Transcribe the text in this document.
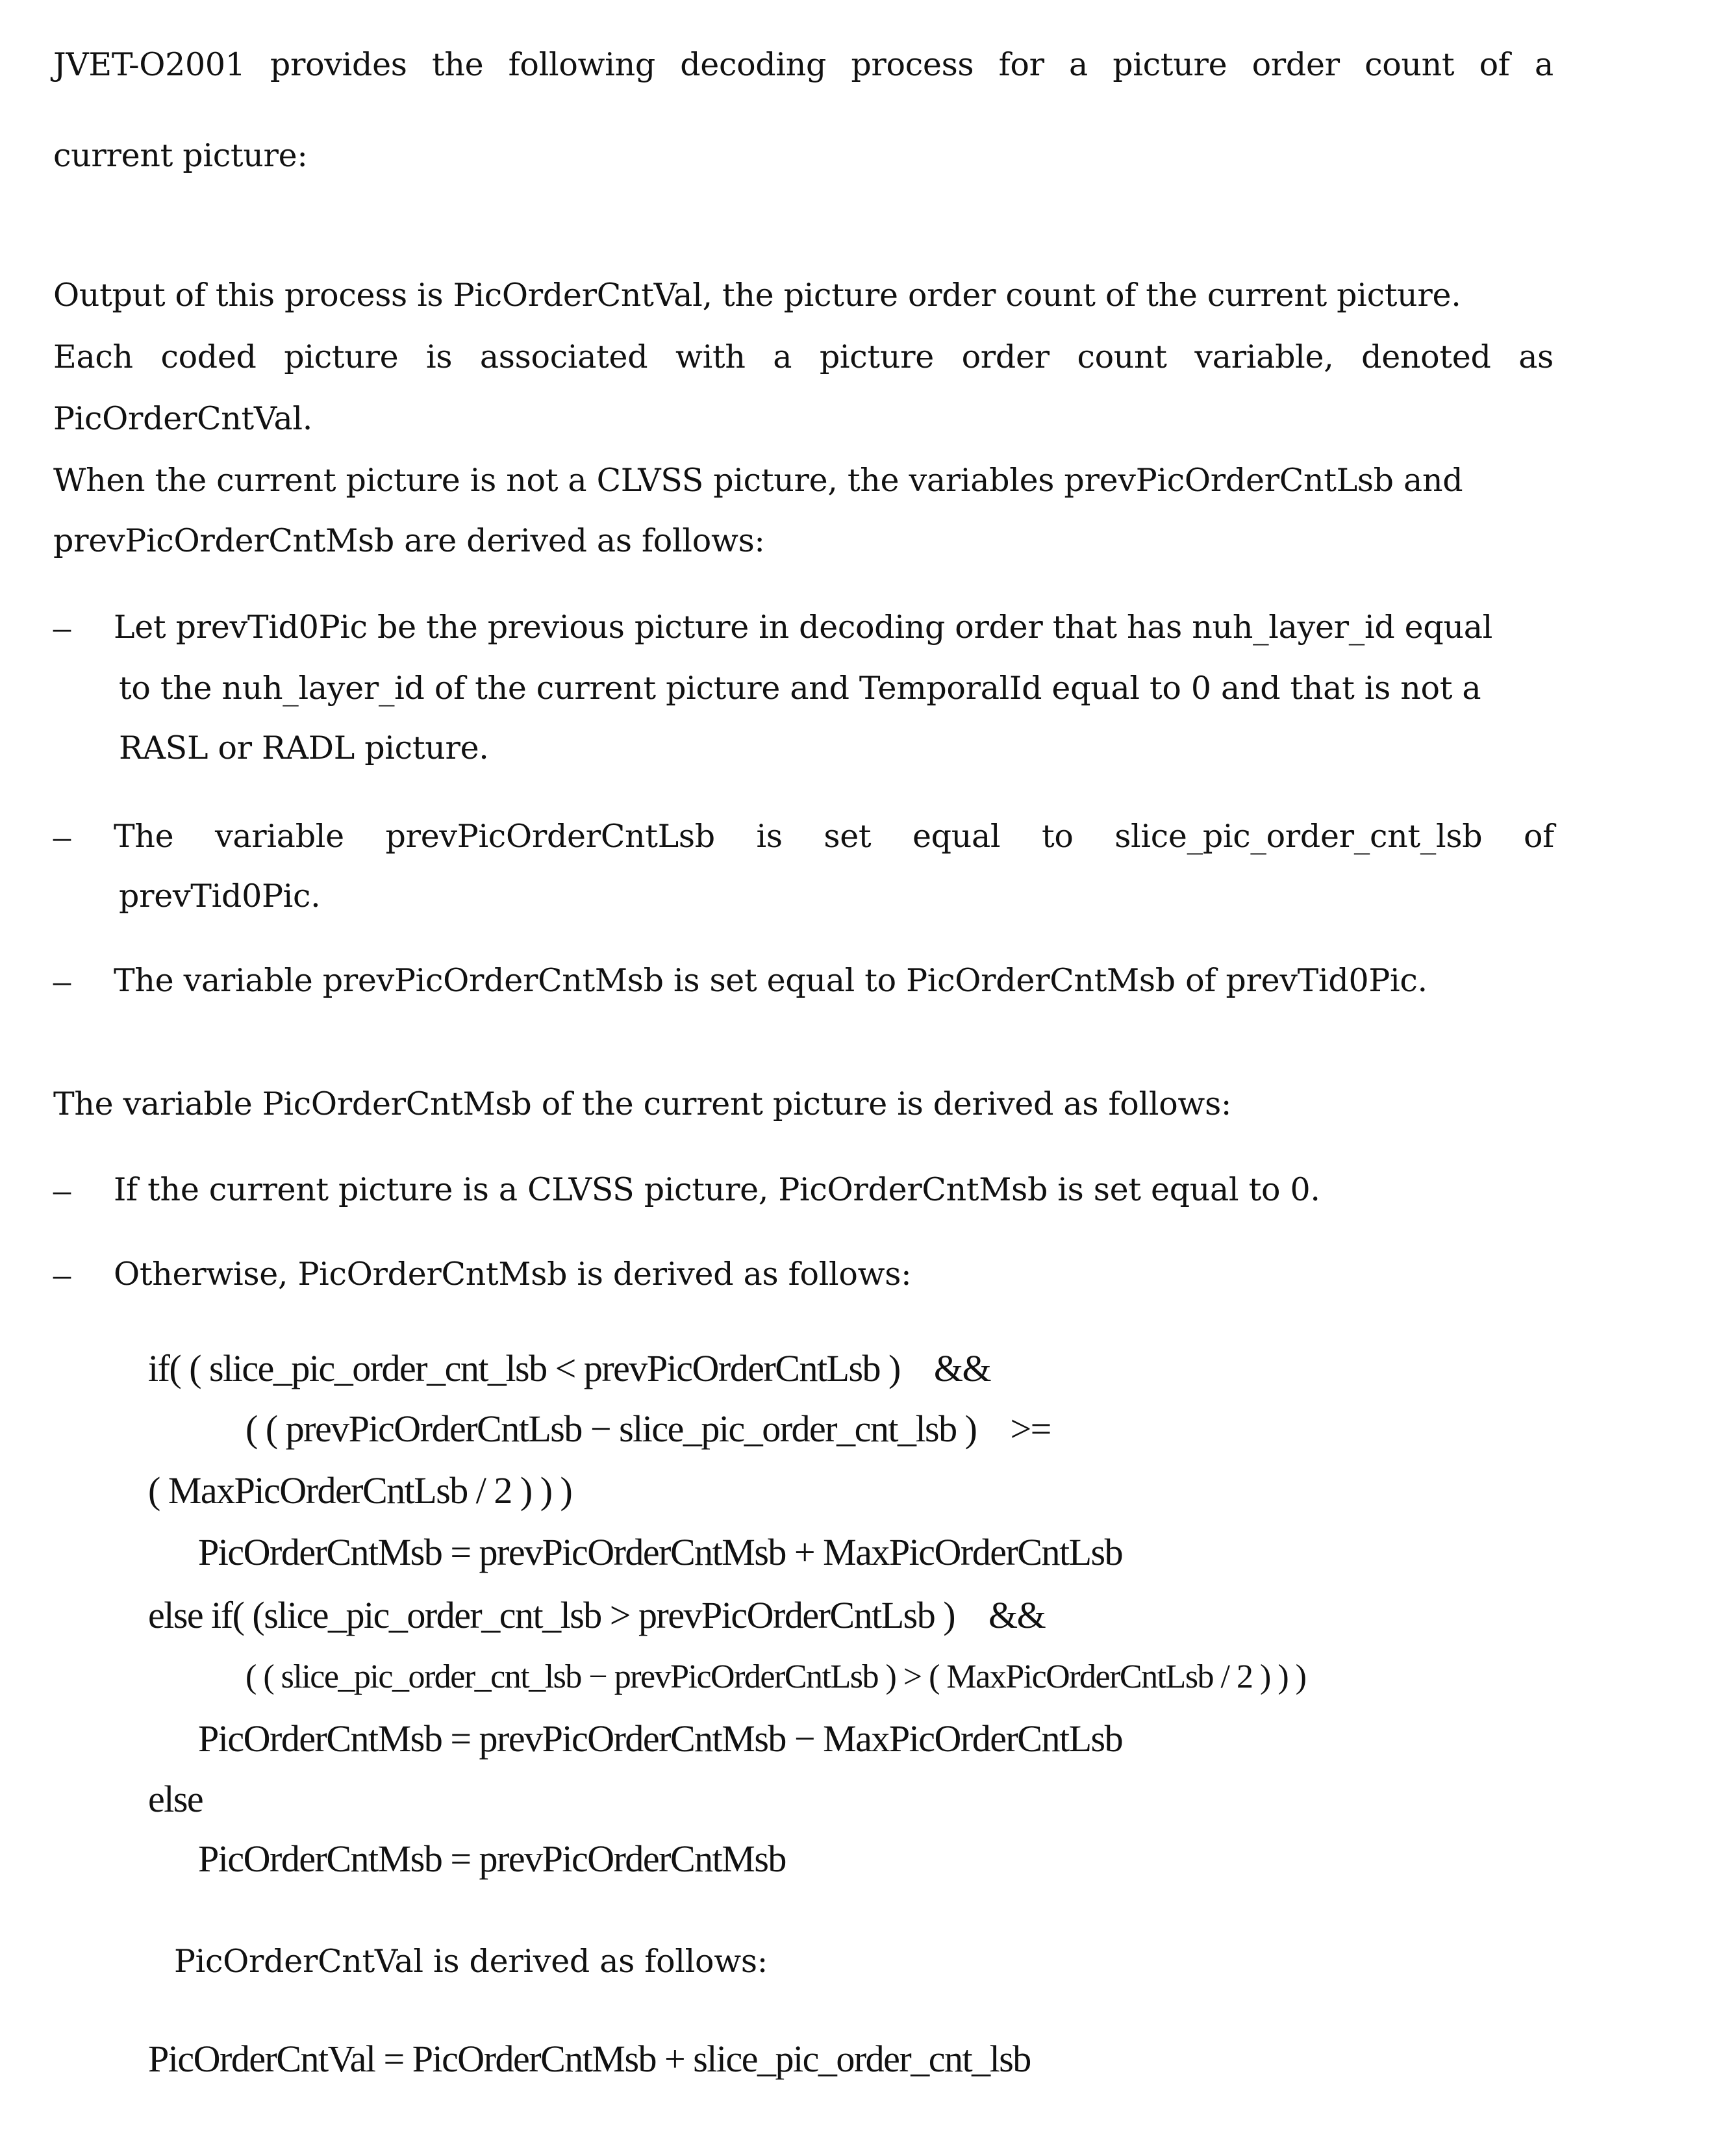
JVET-O2001 provides the following decoding process for a picture order count of a
current picture:
Output of this process is PicOrderCntVal, the picture order count of the current picture.
Each coded picture is associated with a picture order count variable, denoted as
PicOrderCntVal.
When the current picture is not a CLVSS picture, the variables prevPicOrderCntLsb and
prevPicOrderCntMsb are derived as follows:
– Let prevTid0Pic be the previous picture in decoding order that has nuh_layer_id equal
to the nuh_layer_id of the current picture and TemporalId equal to 0 and that is not a
RASL or RADL picture.
– The variable prevPicOrderCntLsb is set equal to slice_pic_order_cnt_lsb of
prevTid0Pic.
– The variable prevPicOrderCntMsb is set equal to PicOrderCntMsb of prevTid0Pic.
The variable PicOrderCntMsb of the current picture is derived as follows:
– If the current picture is a CLVSS picture, PicOrderCntMsb is set equal to 0.
– Otherwise, PicOrderCntMsb is derived as follows:
if( ( slice_pic_order_cnt_lsb < prevPicOrderCntLsb )    &&
( ( prevPicOrderCntLsb − slice_pic_order_cnt_lsb )    >=
( MaxPicOrderCntLsb / 2 ) ) )
PicOrderCntMsb = prevPicOrderCntMsb + MaxPicOrderCntLsb
else if( (slice_pic_order_cnt_lsb > prevPicOrderCntLsb )    &&
( ( slice_pic_order_cnt_lsb − prevPicOrderCntLsb ) > ( MaxPicOrderCntLsb / 2 ) ) )
PicOrderCntMsb = prevPicOrderCntMsb − MaxPicOrderCntLsb
else
PicOrderCntMsb = prevPicOrderCntMsb
PicOrderCntVal is derived as follows:
PicOrderCntVal = PicOrderCntMsb + slice_pic_order_cnt_lsb
